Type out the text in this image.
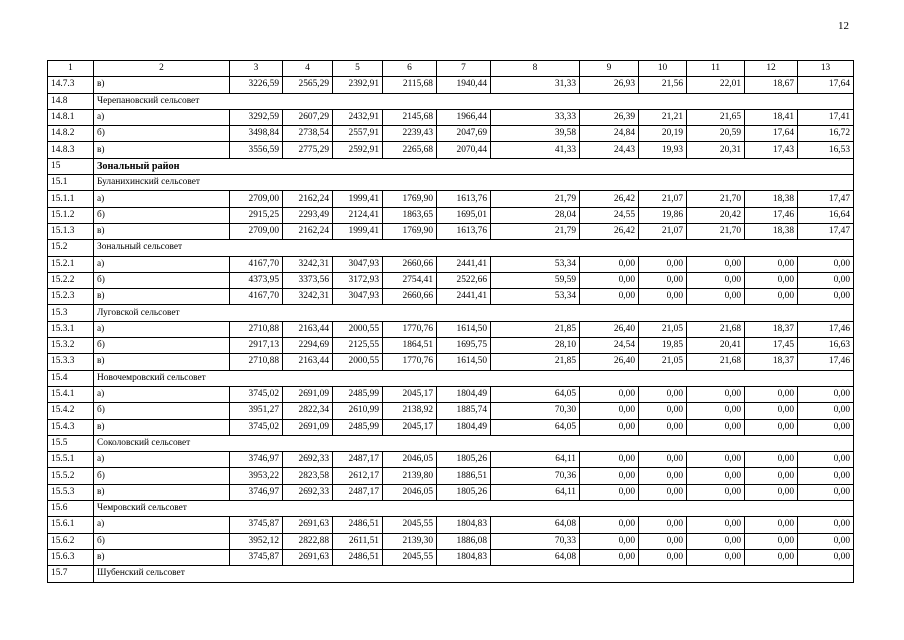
12
1	2	3	4	5	6	7	8	9	10	11	12	13
14.7.3	в)	3226,59	2565,29	2392,91	2115,68	1940,44	31,33	26,93	21,56	22,01	18,67	17,64
14.8	Черепановский сельсовет											
14.8.1	а)	3292,59	2607,29	2432,91	2145,68	1966,44	33,33	26,39	21,21	21,65	18,41	17,41
14.8.2	б)	3498,84	2738,54	2557,91	2239,43	2047,69	39,58	24,84	20,19	20,59	17,64	16,72
14.8.3	в)	3556,59	2775,29	2592,91	2265,68	2070,44	41,33	24,43	19,93	20,31	17,43	16,53
15	Зональный район											
15.1	Буланихинский сельсовет											
15.1.1	а)	2709,00	2162,24	1999,41	1769,90	1613,76	21,79	26,42	21,07	21,70	18,38	17,47
15.1.2	б)	2915,25	2293,49	2124,41	1863,65	1695,01	28,04	24,55	19,86	20,42	17,46	16,64
15.1.3	в)	2709,00	2162,24	1999,41	1769,90	1613,76	21,79	26,42	21,07	21,70	18,38	17,47
15.2	Зональный сельсовет											
15.2.1	а)	4167,70	3242,31	3047,93	2660,66	2441,41	53,34	0,00	0,00	0,00	0,00	0,00
15.2.2	б)	4373,95	3373,56	3172,93	2754,41	2522,66	59,59	0,00	0,00	0,00	0,00	0,00
15.2.3	в)	4167,70	3242,31	3047,93	2660,66	2441,41	53,34	0,00	0,00	0,00	0,00	0,00
15.3	Луговской сельсовет											
15.3.1	а)	2710,88	2163,44	2000,55	1770,76	1614,50	21,85	26,40	21,05	21,68	18,37	17,46
15.3.2	б)	2917,13	2294,69	2125,55	1864,51	1695,75	28,10	24,54	19,85	20,41	17,45	16,63
15.3.3	в)	2710,88	2163,44	2000,55	1770,76	1614,50	21,85	26,40	21,05	21,68	18,37	17,46
15.4	Новочемровский сельсовет											
15.4.1	а)	3745,02	2691,09	2485,99	2045,17	1804,49	64,05	0,00	0,00	0,00	0,00	0,00
15.4.2	б)	3951,27	2822,34	2610,99	2138,92	1885,74	70,30	0,00	0,00	0,00	0,00	0,00
15.4.3	в)	3745,02	2691,09	2485,99	2045,17	1804,49	64,05	0,00	0,00	0,00	0,00	0,00
15.5	Соколовский сельсовет											
15.5.1	а)	3746,97	2692,33	2487,17	2046,05	1805,26	64,11	0,00	0,00	0,00	0,00	0,00
15.5.2	б)	3953,22	2823,58	2612,17	2139,80	1886,51	70,36	0,00	0,00	0,00	0,00	0,00
15.5.3	в)	3746,97	2692,33	2487,17	2046,05	1805,26	64,11	0,00	0,00	0,00	0,00	0,00
15.6	Чемровский сельсовет											
15.6.1	а)	3745,87	2691,63	2486,51	2045,55	1804,83	64,08	0,00	0,00	0,00	0,00	0,00
15.6.2	б)	3952,12	2822,88	2611,51	2139,30	1886,08	70,33	0,00	0,00	0,00	0,00	0,00
15.6.3	в)	3745,87	2691,63	2486,51	2045,55	1804,83	64,08	0,00	0,00	0,00	0,00	0,00
15.7	Шубенский сельсовет											
